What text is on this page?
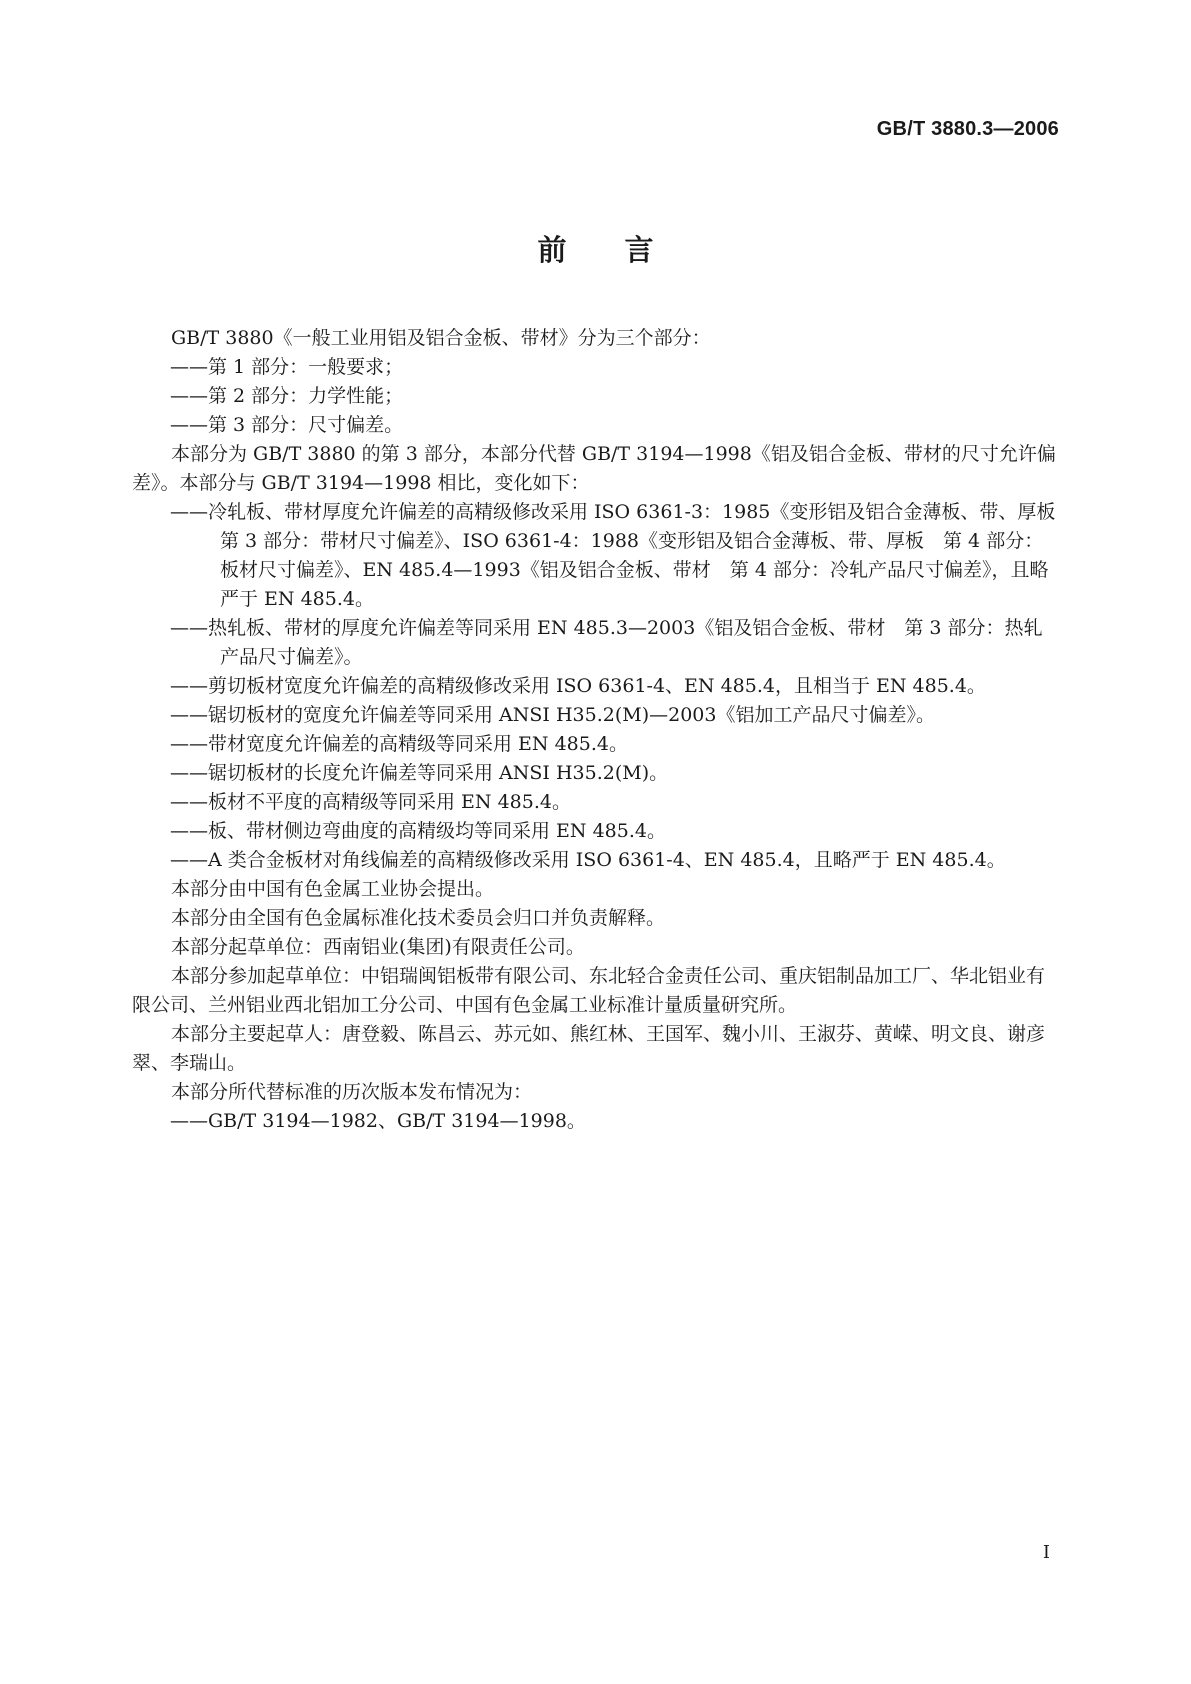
GB/T 3880.3—2006
前 言

GB/T 3880《一般工业用铝及铝合金板、带材》分为三个部分：

——第 1 部分：一般要求；

——第 2 部分：力学性能；

——第 3 部分：尺寸偏差。

本部分为 GB/T 3880 的第 3 部分，本部分代替 GB/T 3194—1998《铝及铝合金板、带材的尺寸允许偏差》。本部分与 GB/T 3194—1998 相比，变化如下：

——冷轧板、带材厚度允许偏差的高精级修改采用 ISO 6361-3：1985《变形铝及铝合金薄板、带、厚板　第 3 部分：带材尺寸偏差》、ISO 6361-4：1988《变形铝及铝合金薄板、带、厚板　第 4 部分：板材尺寸偏差》、EN 485.4—1993《铝及铝合金板、带材　第 4 部分：冷轧产品尺寸偏差》，且略严于 EN 485.4。

——热轧板、带材的厚度允许偏差等同采用 EN 485.3—2003《铝及铝合金板、带材　第 3 部分：热轧产品尺寸偏差》。

——剪切板材宽度允许偏差的高精级修改采用 ISO 6361-4、EN 485.4，且相当于 EN 485.4。

——锯切板材的宽度允许偏差等同采用 ANSI H35.2(M)—2003《铝加工产品尺寸偏差》。

——带材宽度允许偏差的高精级等同采用 EN 485.4。

——锯切板材的长度允许偏差等同采用 ANSI H35.2(M)。

——板材不平度的高精级等同采用 EN 485.4。

——板、带材侧边弯曲度的高精级均等同采用 EN 485.4。

——A 类合金板材对角线偏差的高精级修改采用 ISO 6361-4、EN 485.4，且略严于 EN 485.4。

本部分由中国有色金属工业协会提出。

本部分由全国有色金属标准化技术委员会归口并负责解释。

本部分起草单位：西南铝业(集团)有限责任公司。

本部分参加起草单位：中铝瑞闽铝板带有限公司、东北轻合金责任公司、重庆铝制品加工厂、华北铝业有限公司、兰州铝业西北铝加工分公司、中国有色金属工业标准计量质量研究所。

本部分主要起草人：唐登毅、陈昌云、苏元如、熊红林、王国军、魏小川、王淑芬、黄嵘、明文良、谢彦翠、李瑞山。

本部分所代替标准的历次版本发布情况为：

——GB/T 3194—1982、GB/T 3194—1998。

I
